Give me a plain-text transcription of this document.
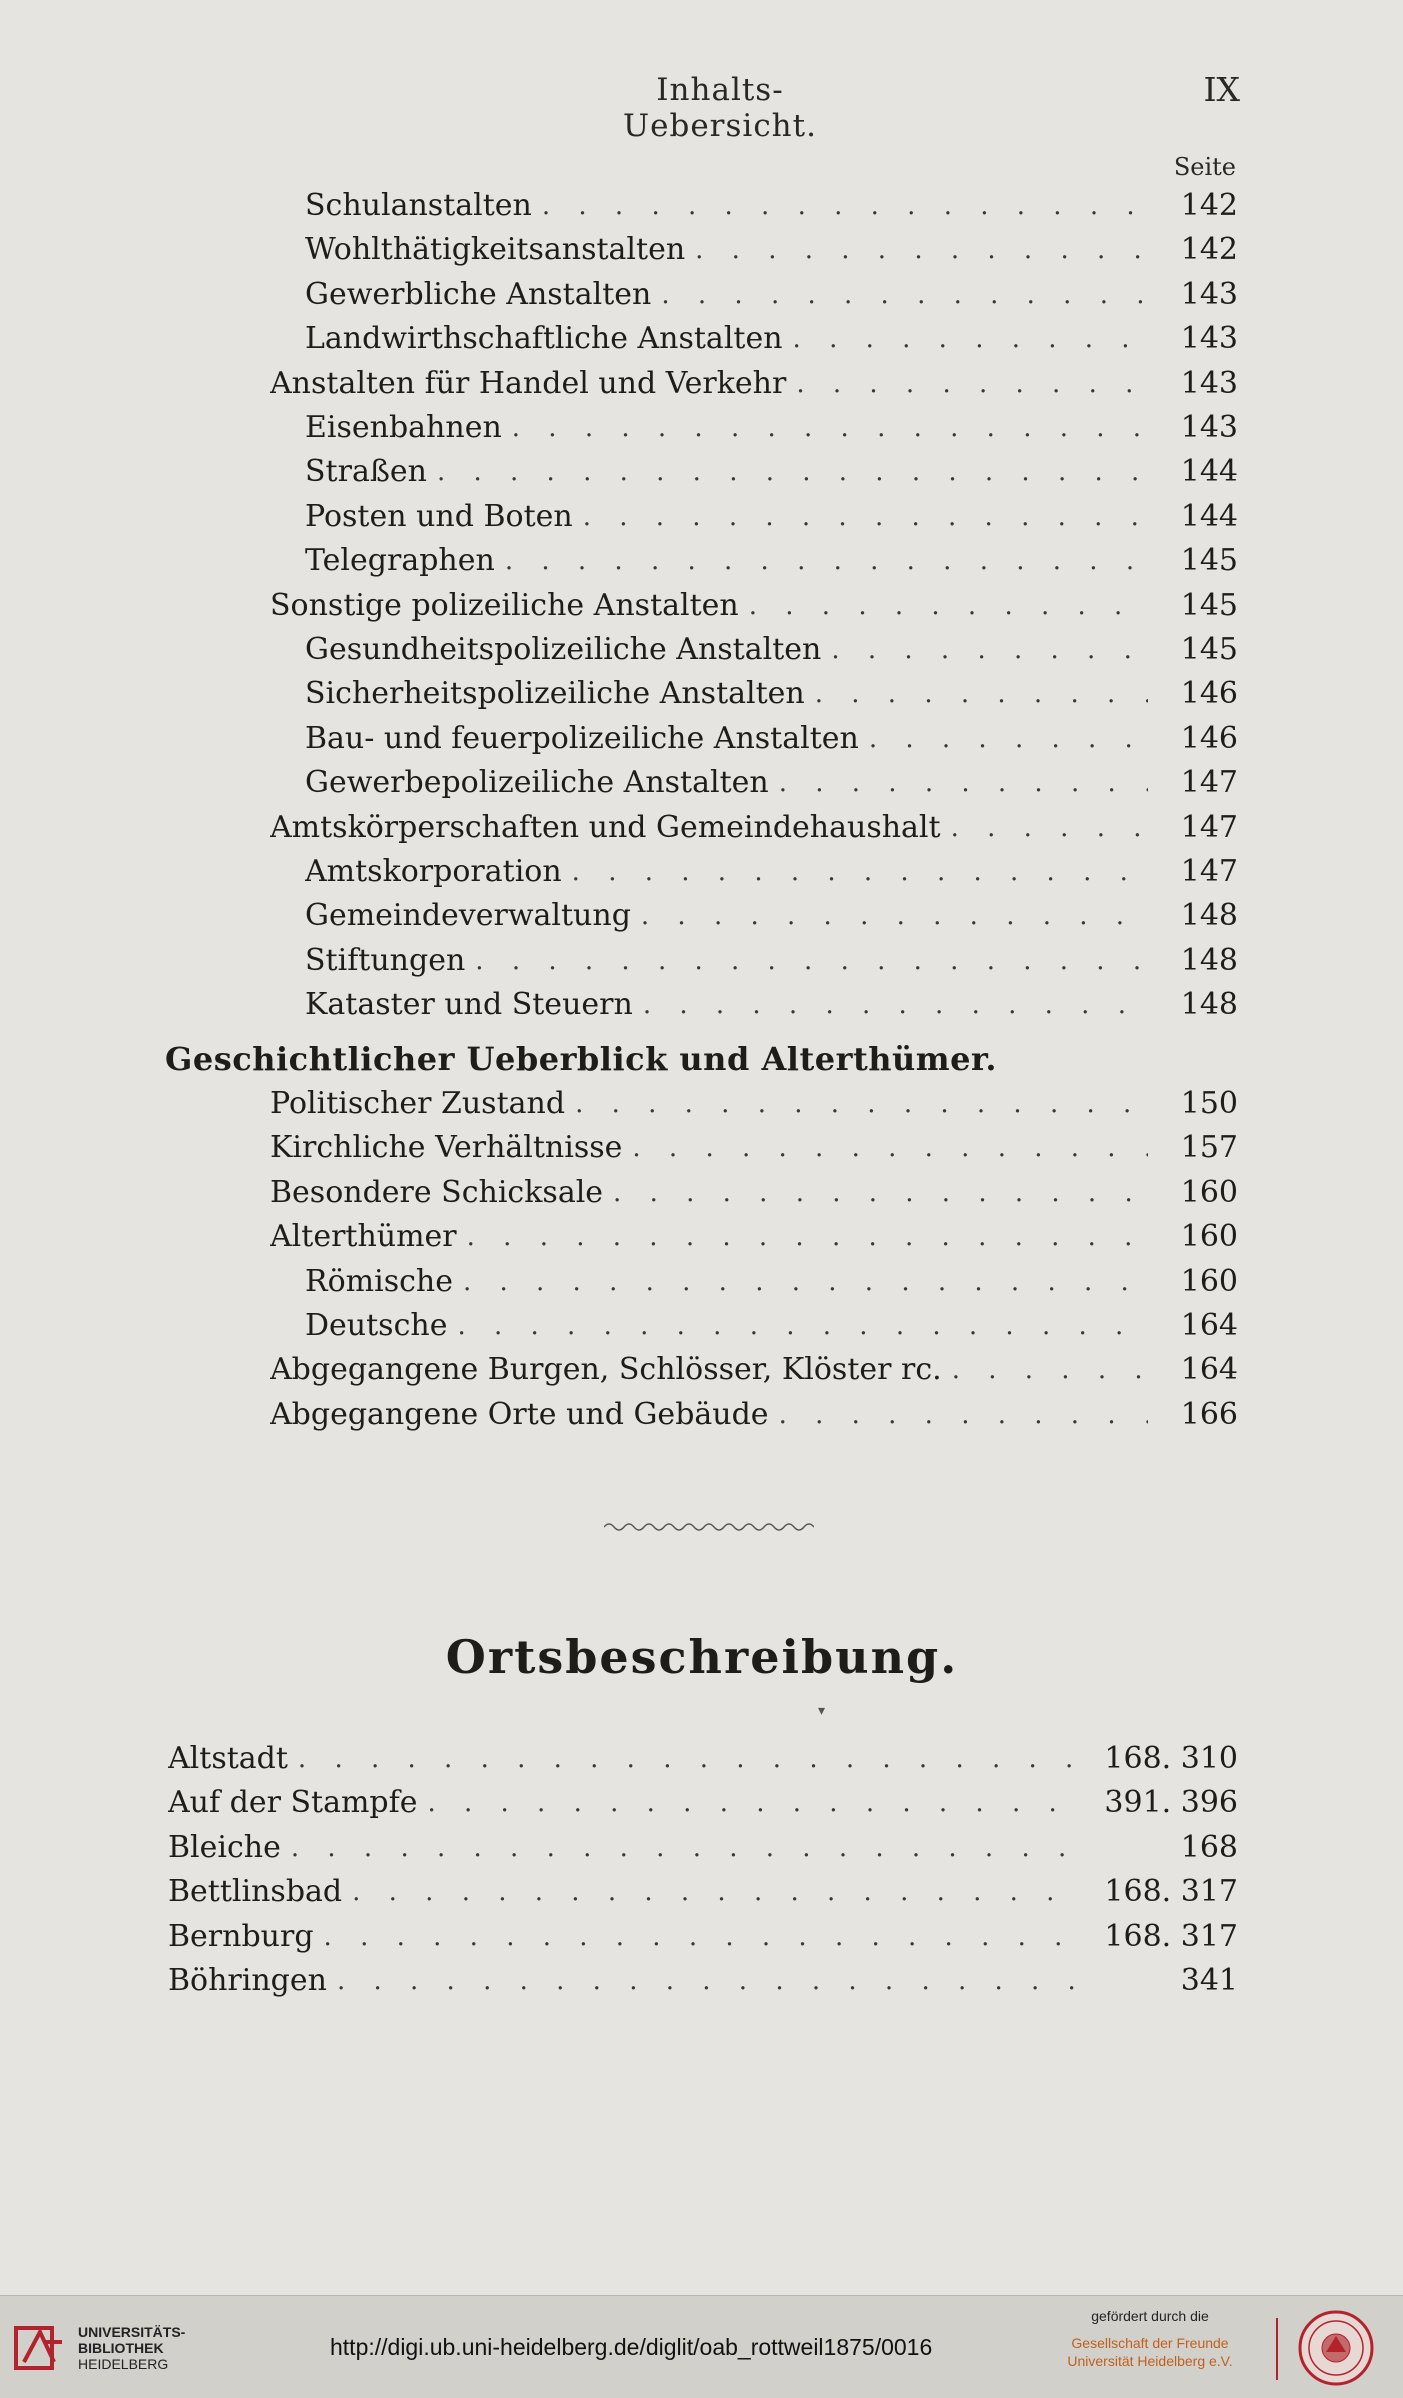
Inhalts-Uebersicht.
IX
Seite
Schulanstalten . . .	142
Wohlthätigkeitsanstalten . . .	142
Gewerbliche Anstalten . . .	143
Landwirthschaftliche Anstalten . . .	143
Anstalten für Handel und Verkehr . . .	143
Eisenbahnen . . .	143
Straßen . . .	144
Posten und Boten . . .	144
Telegraphen . . .	145
Sonstige polizeiliche Anstalten . . .	145
Gesundheitspolizeiliche Anstalten . . .	145
Sicherheitspolizeiliche Anstalten . . .	146
Bau- und feuerpolizeiliche Anstalten . . .	146
Gewerbepolizeiliche Anstalten . . .	147
Amtskörperschaften und Gemeindehaushalt . . .	147
Amtskorporation . . .	147
Gemeindeverwaltung . . .	148
Stiftungen . . .	148
Kataster und Steuern . . .	148
Geschichtlicher Ueberblick und Alterthümer.
Politischer Zustand . . .	150
Kirchliche Verhältnisse . . .	157
Besondere Schicksale . . .	160
Alterthümer . . .	160
Römische . . .	160
Deutsche . . .	164
Abgegangene Burgen, Schlösser, Klöster rc. . . .	164
Abgegangene Orte und Gebäude . . .	166
Ortsbeschreibung.
▾
Altstadt . . .	168. 310
Auf der Stampfe . . .	391. 396
Bleiche . . .	168
Bettlinsbad . . .	168. 317
Bernburg . . .	168. 317
Böhringen . . .	341
UNIVERSITÄTS-
BIBLIOTHEK
HEIDELBERG
http://digi.ub.uni-heidelberg.de/diglit/oab_rottweil1875/0016
gefördert durch die
Gesellschaft der Freunde
Universität Heidelberg e.V.
